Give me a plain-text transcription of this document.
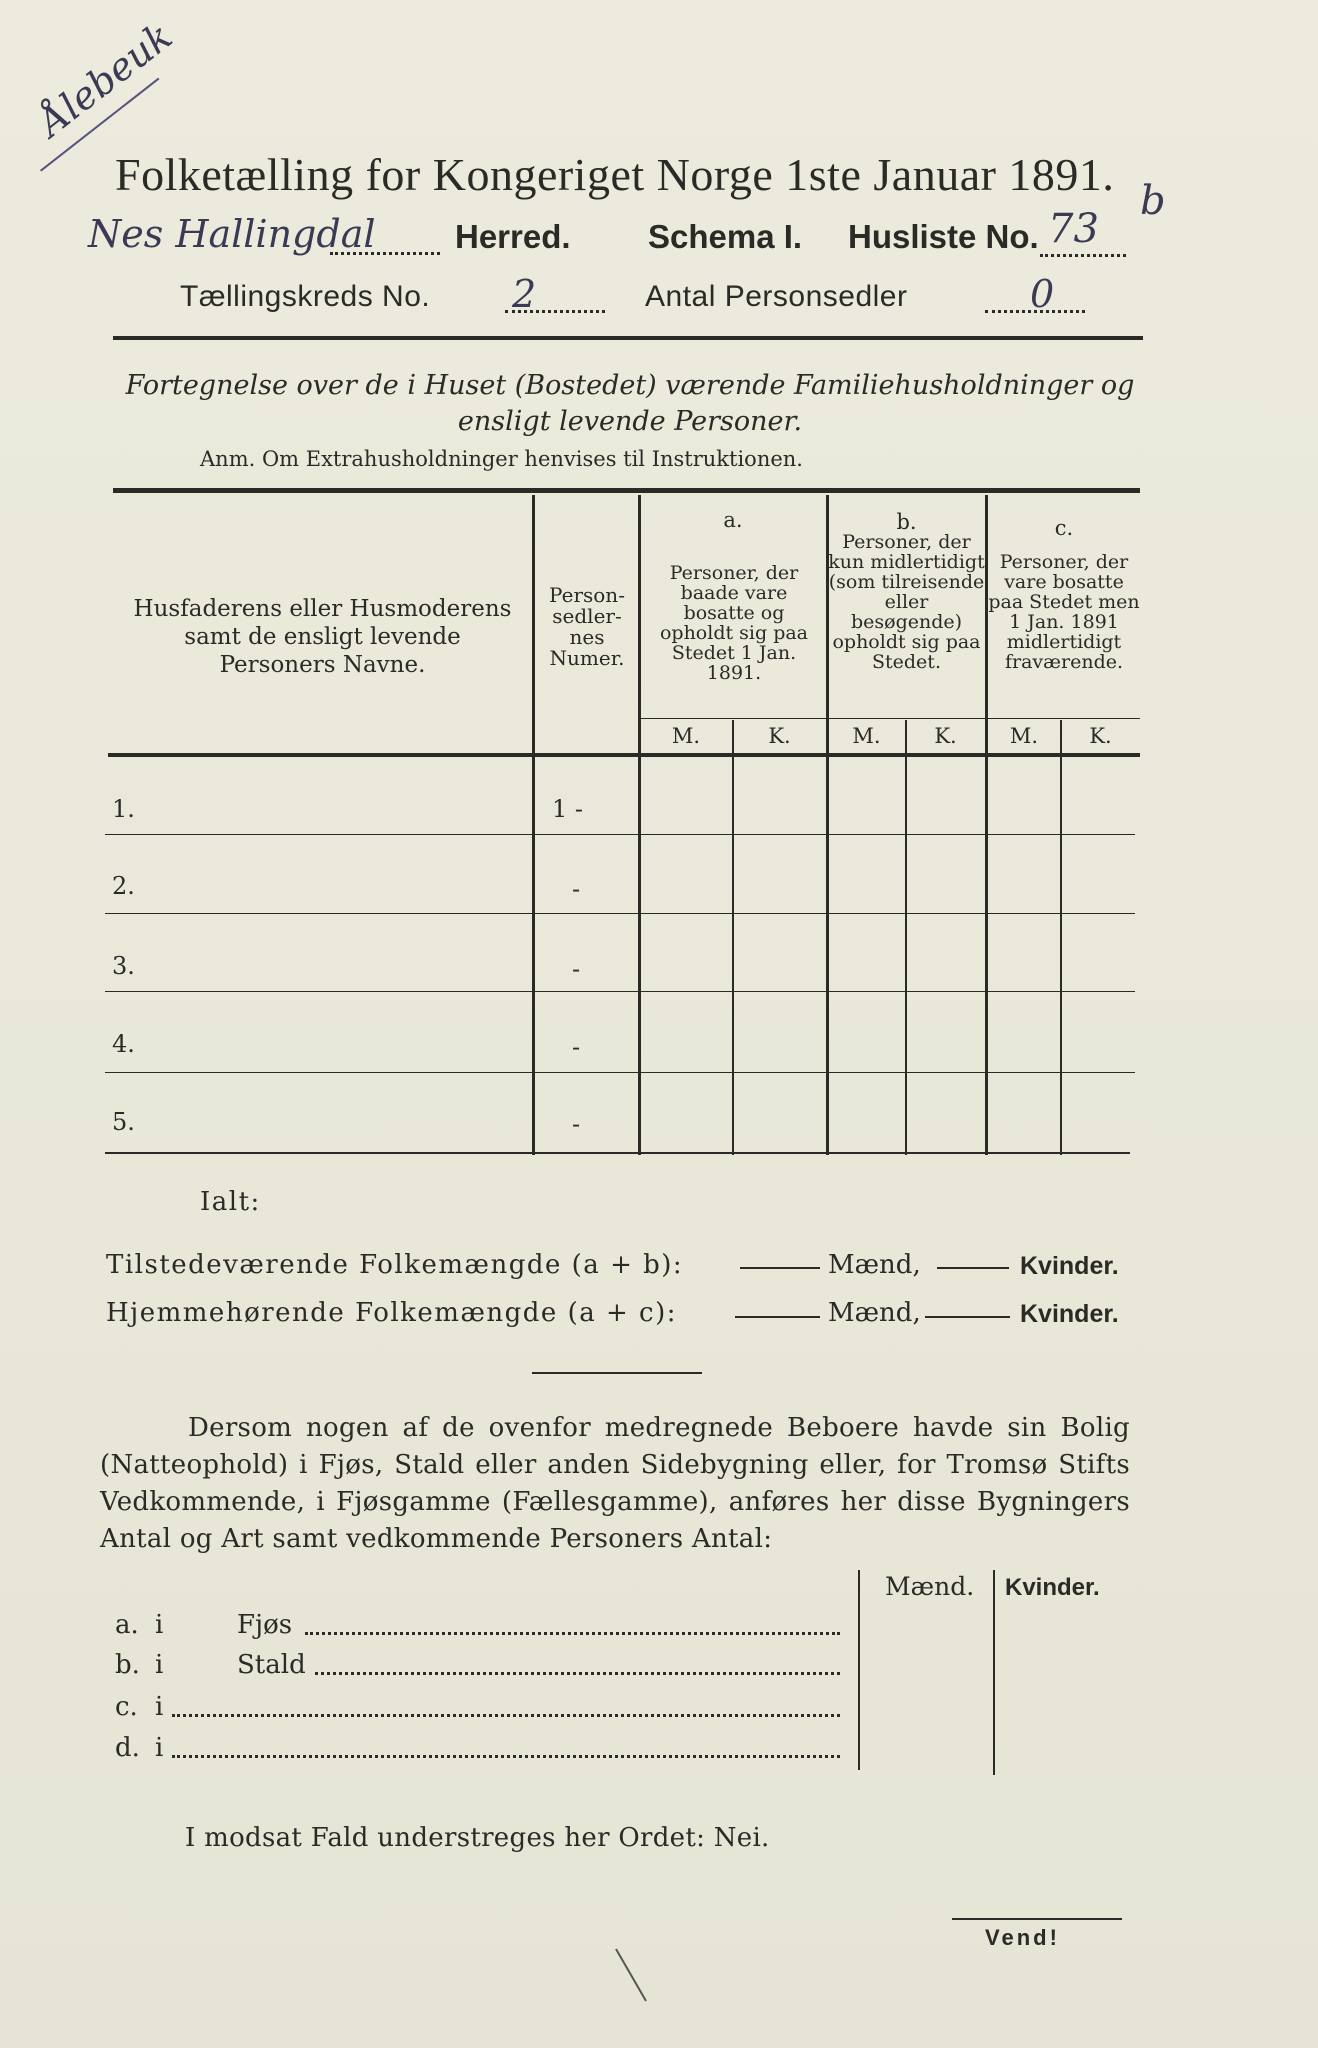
Ålebeuk
Folketælling for Kongeriget Norge 1ste Januar 1891.
b
Nes Hallingdal Herred. Schema I. Husliste No. 73
Tællingskreds No. 2	Antal Personsedler	0
Fortegnelse over de i Huset (Bostedet) værende Familiehusholdninger og ensligt levende Personer.
Anm. Om Extrahusholdninger henvises til Instruktionen.
Husfaderens eller Husmoderens samt de ensligt levende Personers Navne.
Person-sedler-nes Numer.
a.
Personer, der baade vare bosatte og opholdt sig paa Stedet 1 Jan. 1891.
b.
Personer, der kun midlertidigt (som tilreisende eller besøgende) opholdt sig paa Stedet.
c.
Personer, der vare bosatte paa Stedet men 1 Jan. 1891 midlertidigt fraværende.
M.	K.	M.	K.	M.	K.
1.	1 -
2.	-
3.	-
4.	-
5.	-
Ialt:
Tilstedeværende Folkemængde (a + b):	Mænd,	Kvinder.
Hjemmehørende Folkemængde (a + c):	Mænd,	Kvinder.
Dersom nogen af de ovenfor medregnede Beboere havde sin Bolig (Natteophold) i Fjøs, Stald eller anden Sidebygning eller, for Tromsø Stifts Vedkommende, i Fjøsgamme (Fællesgamme), anføres her disse Bygningers Antal og Art samt vedkommende Personers Antal:
Mænd. Kvinder.
a. i	Fjøs
b. i	Stald
c. i
d. i
I modsat Fald understreges her Ordet: Nei.
Vend!
